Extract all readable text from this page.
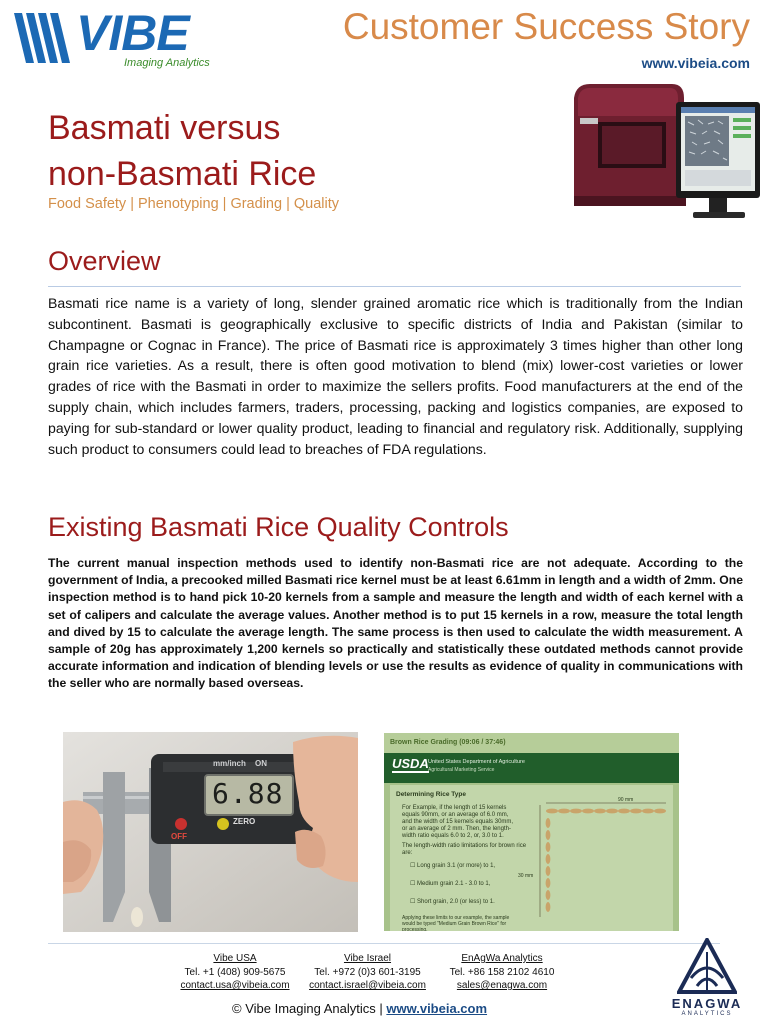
VIBE
Imaging Analytics
Customer Success Story
www.vibeia.com
Basmati versus
non-Basmati Rice
Food Safety | Phenotyping | Grading | Quality
Overview
Basmati rice name is a variety of long, slender grained aromatic rice which is traditionally from the Indian subcontinent. Basmati is geographically exclusive to specific districts of India and Pakistan (similar to Champagne or Cognac in France). The price of Basmati rice is approximately 3 times higher than other long grain rice varieties. As a result, there is often good motivation to blend (mix) lower-cost varieties or lower grades of rice with the Basmati in order to maximize the sellers profits. Food manufacturers at the end of the supply chain, which includes farmers, traders, processing, packing and logistics companies, are exposed to paying for sub-standard or lower quality product, leading to financial and regulatory risk. Additionally, supplying such product to consumers could lead to breaches of FDA regulations.
Existing Basmati Rice Quality Controls
The current manual inspection methods used to identify non-Basmati rice are not adequate. According to the government of India, a precooked milled Basmati rice kernel must be at least 6.61mm in length and a width of 2mm. One inspection method is to hand pick 10-20 kernels from a sample and measure the length and width of each kernel with a set of calipers and calculate the average values. Another method is to put 15 kernels in a row, measure the total length and dived by 15 to calculate the average length. The same process is then used to calculate the width measurement. A sample of 20g has approximately 1,200 kernels so practically and statistically these outdated methods cannot provide accurate information and indication of blending levels or use the results as evidence of quality in communications with the seller who are normally based overseas.
mm/inch ON
6.88
OFF
ZERO
Brown Rice Grading (09:06 / 37:46)
USDA United States Department of Agriculture
Agricultural Marketing Service
Determining Rice Type
For Example, if the length of 15 kernels equals 90mm, or an average of 6.0 mm, and the width of 15 kernels equals 30mm, or an average of 2 mm. Then, the length-width ratio equals 6.0 to 2, or, 3.0 to 1.
The length-width ratio limitations for brown rice are:
☐ Long grain 3.1 (or more) to 1,
☐ Medium grain 2.1 - 3.0 to 1,
☐ Short grain, 2.0 (or less) to 1.
Applying these limits to our example, the sample would be typed "Medium Grain Brown Rice" for processing.
90 mm
30 mm
Vibe USA
Tel. +1 (408) 909-5675
contact.usa@vibeia.com
Vibe Israel
Tel. +972 (0)3 601-3195
contact.israel@vibeia.com
EnAgWa Analytics
Tel. +86 158 2102 4610
sales@enagwa.com
© Vibe Imaging Analytics | www.vibeia.com	ENAGWA
ANALYTICS
